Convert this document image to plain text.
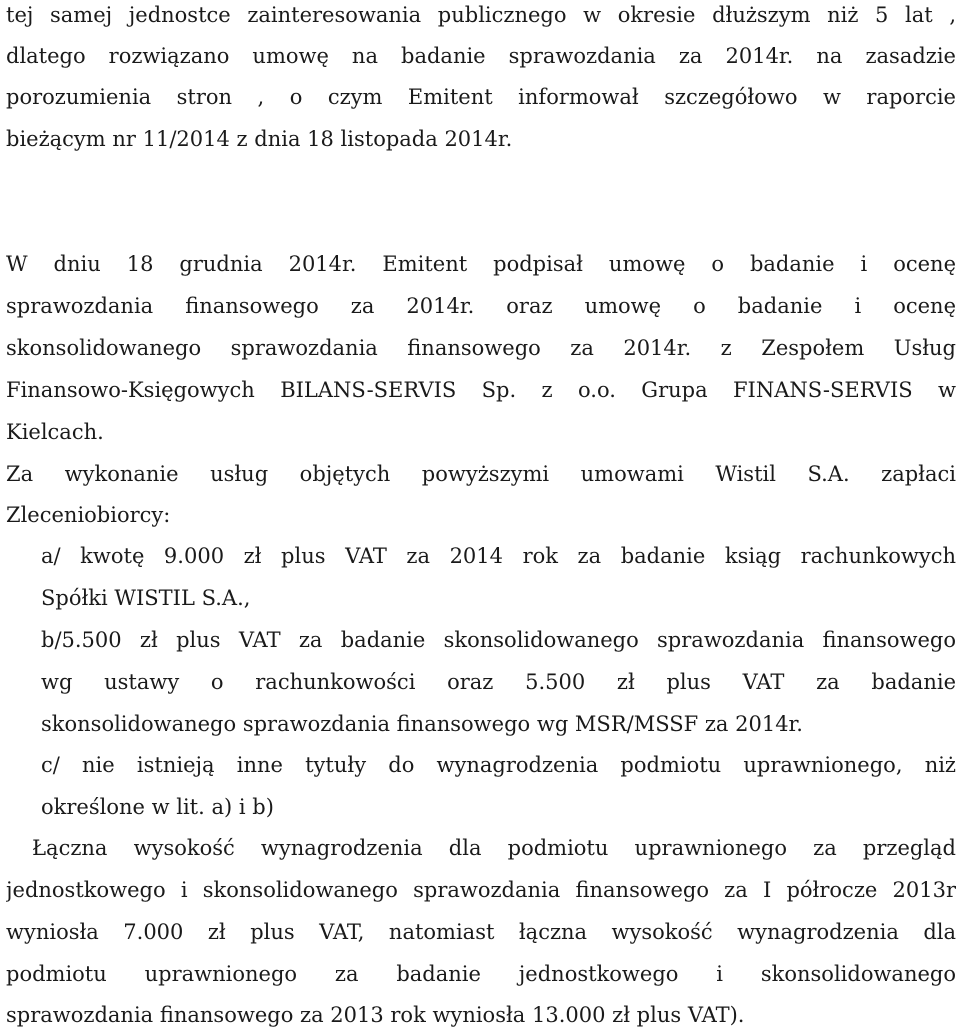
tej samej jednostce zainteresowania publicznego w okresie dłuższym niż 5 lat ,
dlatego rozwiązano umowę na badanie sprawozdania za 2014r. na zasadzie
porozumienia stron , o czym Emitent informował szczegółowo w raporcie
bieżącym nr 11/2014 z dnia 18 listopada 2014r.
W dniu 18 grudnia 2014r. Emitent podpisał umowę o badanie i ocenę
sprawozdania finansowego za 2014r. oraz umowę o badanie i ocenę
skonsolidowanego sprawozdania finansowego za 2014r. z Zespołem Usług
Finansowo-Księgowych BILANS-SERVIS Sp. z o.o. Grupa FINANS-SERVIS w
Kielcach.
Za wykonanie usług objętych powyższymi umowami Wistil S.A. zapłaci
Zleceniobiorcy:
a/ kwotę 9.000 zł plus VAT za 2014 rok za badanie ksiąg rachunkowych
Spółki WISTIL S.A.,
b/5.500 zł plus VAT za badanie skonsolidowanego sprawozdania finansowego
wg ustawy o rachunkowości oraz 5.500 zł plus VAT za badanie
skonsolidowanego sprawozdania finansowego wg MSR/MSSF za 2014r.
c/ nie istnieją inne tytuły do wynagrodzenia podmiotu uprawnionego, niż
określone w lit. a) i b)
Łączna wysokość wynagrodzenia dla podmiotu uprawnionego za przegląd
jednostkowego i skonsolidowanego sprawozdania finansowego za I półrocze 2013r
wyniosła 7.000 zł plus VAT, natomiast łączna wysokość wynagrodzenia dla
podmiotu uprawnionego za badanie jednostkowego i skonsolidowanego
sprawozdania finansowego za 2013 rok wyniosła 13.000 zł plus VAT).
